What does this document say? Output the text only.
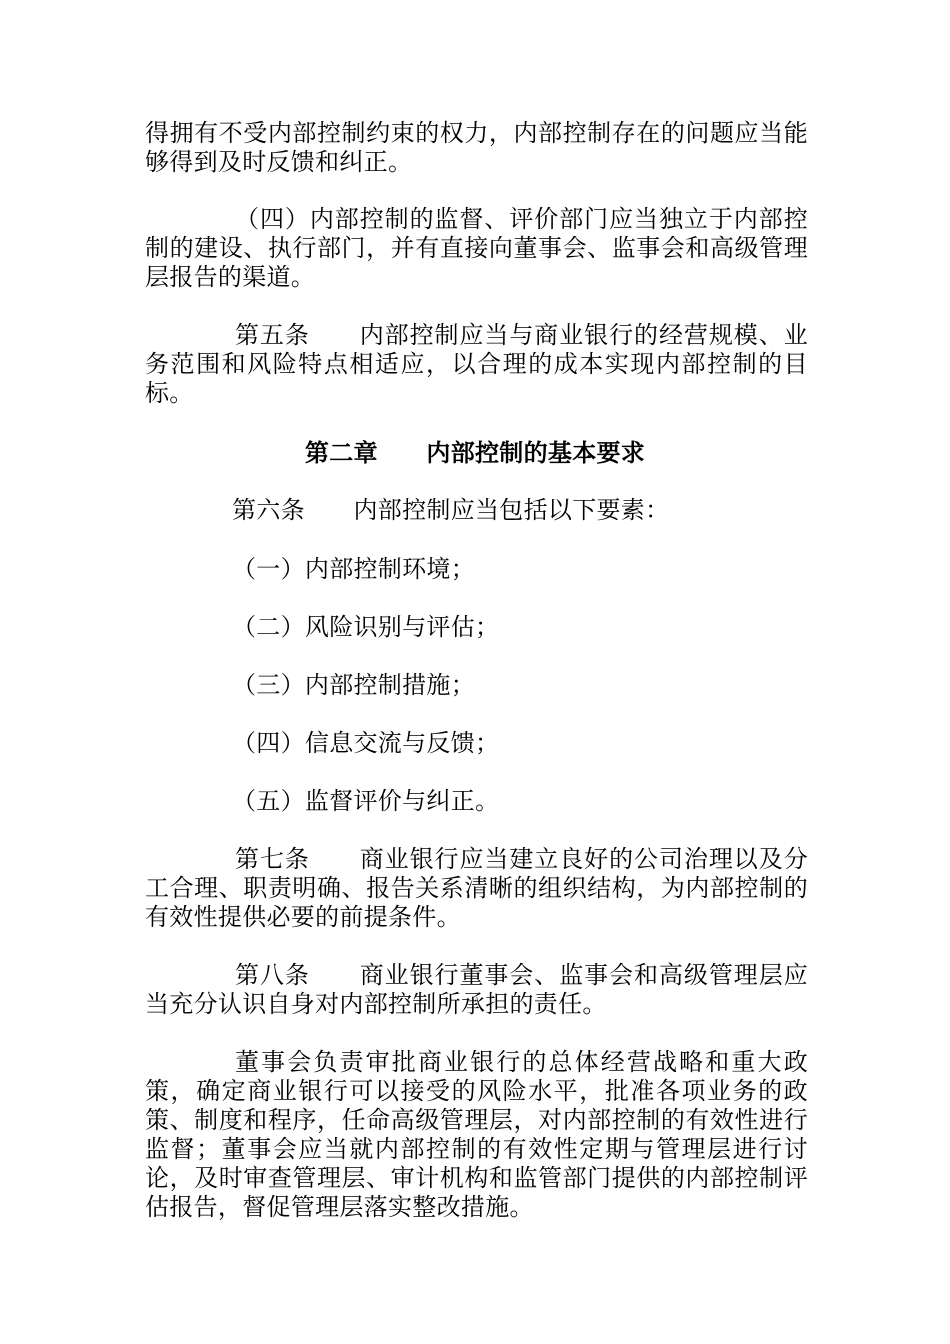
得拥有不受内部控制约束的权力，内部控制存在的问题应当能够得到及时反馈和纠正。

（四）内部控制的监督、评价部门应当独立于内部控制的建设、执行部门，并有直接向董事会、监事会和高级管理层报告的渠道。

第五条　　内部控制应当与商业银行的经营规模、业务范围和风险特点相适应，以合理的成本实现内部控制的目标。

第二章　　内部控制的基本要求

第六条　　内部控制应当包括以下要素：

（一）内部控制环境；

（二）风险识别与评估；

（三）内部控制措施；

（四）信息交流与反馈；

（五）监督评价与纠正。

第七条　　商业银行应当建立良好的公司治理以及分工合理、职责明确、报告关系清晰的组织结构，为内部控制的有效性提供必要的前提条件。

第八条　　商业银行董事会、监事会和高级管理层应当充分认识自身对内部控制所承担的责任。

董事会负责审批商业银行的总体经营战略和重大政策，确定商业银行可以接受的风险水平，批准各项业务的政策、制度和程序，任命高级管理层，对内部控制的有效性进行监督；董事会应当就内部控制的有效性定期与管理层进行讨论，及时审查管理层、审计机构和监管部门提供的内部控制评估报告，督促管理层落实整改措施。
